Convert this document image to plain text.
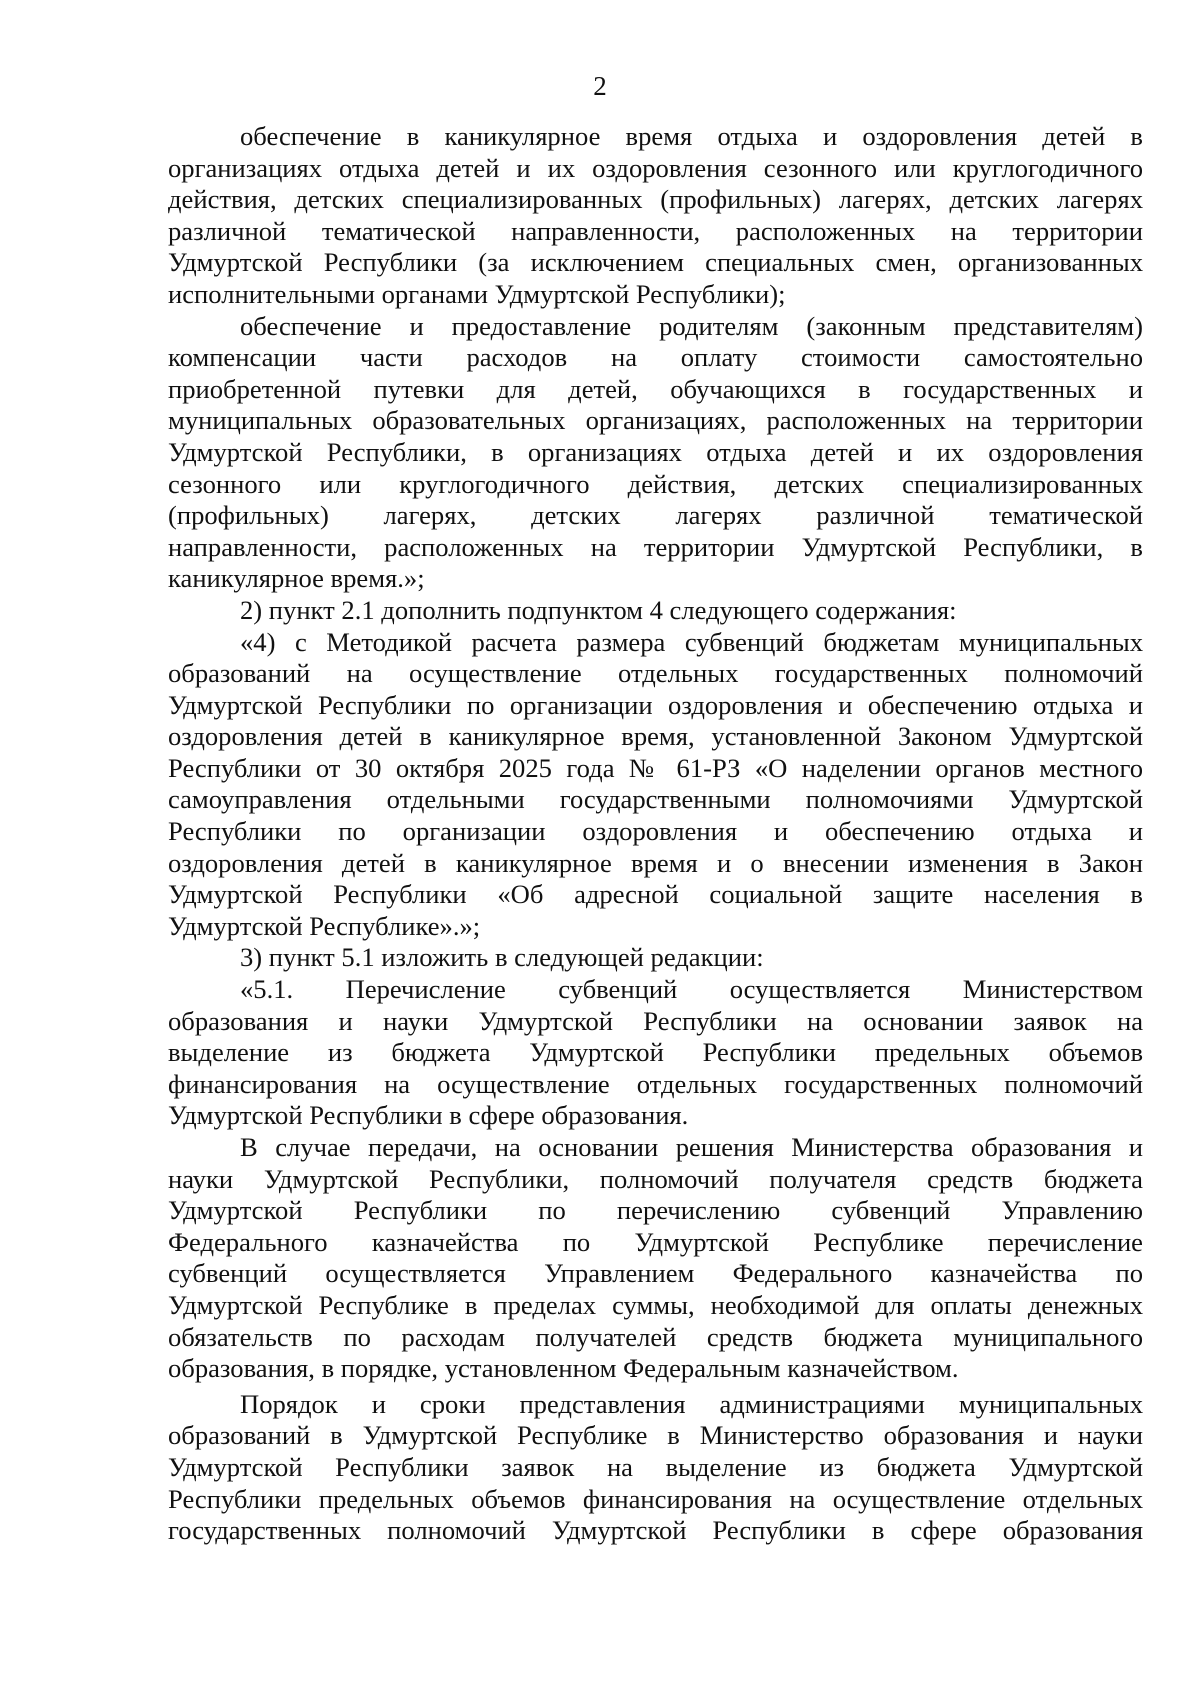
2
обеспечение в каникулярное время отдыха и оздоровления детей в
организациях отдыха детей и их оздоровления сезонного или круглогодичного
действия, детских специализированных (профильных) лагерях, детских лагерях
различной тематической направленности, расположенных на территории
Удмуртской Республики (за исключением специальных смен, организованных
исполнительными органами Удмуртской Республики);
обеспечение и предоставление родителям (законным представителям)
компенсации части расходов на оплату стоимости самостоятельно
приобретенной путевки для детей, обучающихся в государственных и
муниципальных образовательных организациях, расположенных на территории
Удмуртской Республики, в организациях отдыха детей и их оздоровления
сезонного или круглогодичного действия, детских специализированных
(профильных) лагерях, детских лагерях различной тематической
направленности, расположенных на территории Удмуртской Республики, в
каникулярное время.»;
2) пункт 2.1 дополнить подпунктом 4 следующего содержания:
«4) с Методикой расчета размера субвенций бюджетам муниципальных
образований на осуществление отдельных государственных полномочий
Удмуртской Республики по организации оздоровления и обеспечению отдыха и
оздоровления детей в каникулярное время, установленной Законом Удмуртской
Республики от 30 октября 2025 года № 61-РЗ «О наделении органов местного
самоуправления отдельными государственными полномочиями Удмуртской
Республики по организации оздоровления и обеспечению отдыха и
оздоровления детей в каникулярное время и о внесении изменения в Закон
Удмуртской Республики «Об адресной социальной защите населения в
Удмуртской Республике».»;
3) пункт 5.1 изложить в следующей редакции:
«5.1. Перечисление субвенций осуществляется Министерством
образования и науки Удмуртской Республики на основании заявок на
выделение из бюджета Удмуртской Республики предельных объемов
финансирования на осуществление отдельных государственных полномочий
Удмуртской Республики в сфере образования.
В случае передачи, на основании решения Министерства образования и
науки Удмуртской Республики, полномочий получателя средств бюджета
Удмуртской Республики по перечислению субвенций Управлению
Федерального казначейства по Удмуртской Республике перечисление
субвенций осуществляется Управлением Федерального казначейства по
Удмуртской Республике в пределах суммы, необходимой для оплаты денежных
обязательств по расходам получателей средств бюджета муниципального
образования, в порядке, установленном Федеральным казначейством.
Порядок и сроки представления администрациями муниципальных
образований в Удмуртской Республике в Министерство образования и науки
Удмуртской Республики заявок на выделение из бюджета Удмуртской
Республики предельных объемов финансирования на осуществление отдельных
государственных полномочий Удмуртской Республики в сфере образования
